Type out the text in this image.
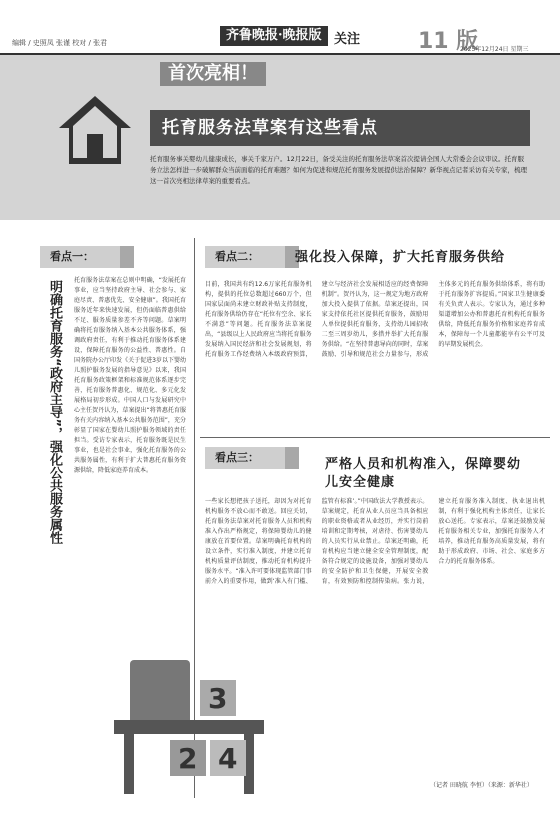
编辑 / 史照凤 张谨 校对 / 张君	齐鲁晚报·晚报版 关注	11 版
2025年12月24日 星期三
首次亮相！
托育服务法草案有这些看点
托育服务事关婴幼儿健康成长，事关千家万户。12月22日，备受关注的托育服务法草案首次提请全国人大常委会会议审议。托育服务立法怎样进一步破解群众当前面临的托育难题？如何为促进和规范托育服务发展提供法治保障？新华视点记者采访有关专家，梳理这一首次亮相法律草案的重要看点。
看点一：
明确托育服务“政府主导”，强化公共服务属性 托育服务法草案在总则中明确，“发展托育事业，应当坚持政府主导、社会参与、家庭尽责、普惠优先、安全健康”。我国托育服务近年来快速发展，但仍面临普惠供给不足、服务质量参差不齐等问题。草案明确将托育服务纳入基本公共服务体系，强调政府责任，有利于推动托育服务体系建设，保障托育服务的公益性、普惠性。自国务院办公厅印发《关于促进3岁以下婴幼儿照护服务发展的指导意见》以来，我国托育服务政策框架和标准规范体系逐步完善，托育服务普惠化、规范化、多元化发展格局初步形成。中国人口与发展研究中心主任贺丹认为，草案提出“将普惠托育服务有关内容纳入基本公共服务范围”，充分彰显了国家在婴幼儿照护服务领域的责任担当。受访专家表示，托育服务既是民生事业，也是社会事业，强化托育服务的公共服务属性，有利于扩大普惠托育服务资源供给，降低家庭养育成本。
看点二：	强化投入保障，扩大托育服务供给
目前，我国共有约12.6万家托育服务机构，提供的托位总数超过660万个，但国家层面尚未建立财政补贴支持制度，托育服务供给仍存在“托位有空余、家长不满意”等问题。托育服务法草案提出，“县级以上人民政府应当将托育服务发展纳入国民经济和社会发展规划，将托育服务工作经费纳入本级政府预算，建立与经济社会发展相适应的经费保障机制”。贺丹认为，这一规定为地方政府加大投入提供了依据。草案还提出，国家支持依托社区提供托育服务，鼓励用人单位提供托育服务，支持幼儿园招收二至三周岁幼儿，多措并举扩大托育服务供给。“在坚持普惠导向的同时，草案鼓励、引导和规范社会力量参与，形成主体多元的托育服务供给体系，将有助于托育服务扩容提质。”国家卫生健康委有关负责人表示。专家认为，通过多种渠道增加公办和普惠托育机构托育服务供给，降低托育服务价格和家庭养育成本，保障每一个儿童都能享有公平可及的早期发展机会。
看点三：	严格人员和机构准入，保障婴幼儿安全健康
一些家长想把孩子送托，却因为对托育机构服务不放心而不敢送。回应关切，托育服务法草案对托育服务人员和机构准入作出严格规定，将保障婴幼儿的健康放在首要位置。草案明确托育机构的设立条件，实行准入制度，并建立托育机构质量评估制度，推动托育机构提升服务水平。“准入许可要体现监管部门事前介入的重要作用，做到‘准入有门槛、监管有标准’。”中国政法大学教授表示。草案规定，托育从业人员应当具备相应的职业资格或者从业经历，并实行岗前培训和定期考核，对虐待、伤害婴幼儿的人员实行从业禁止。草案还明确，托育机构应当建立健全安全管理制度，配备符合规定的设施设备，加强对婴幼儿的安全防护和卫生保健，开展安全教育，有效预防和控制传染病。张力说，建立托育服务准入制度、执业退出机制，有利于强化机构主体责任，让家长放心送托。专家表示，草案还鼓励发展托育服务相关专业，加强托育服务人才培养，推动托育服务高质量发展，将有助于形成政府、市场、社会、家庭多方合力的托育服务体系。
3
2 4
（记者 田晓航 李恒）（来源：新华社）
